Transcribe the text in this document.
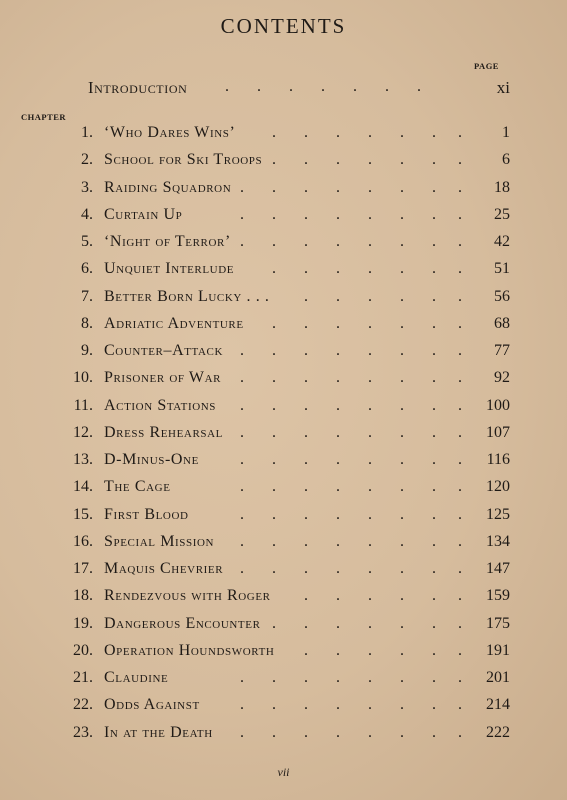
CONTENTS
PAGE
Introduction .       .       .       .       .       .       .	xi
CHAPTER
1. ‘Who Dares Wins’	1
. . . . . . .
2. School for Ski Troops	6
. . . . . . .
3. Raiding Squadron	18
. . . . . . . .
4. Curtain Up	25
. . . . . . . .
5. ‘Night of Terror’	42
. . . . . . . .
6. Unquiet Interlude	51
. . . . . . .
7. Better Born Lucky . . .	56
. . . . . .
8. Adriatic Adventure	68
. . . . . . .
9. Counter–Attack	77
. . . . . . . .
10. Prisoner of War	92
. . . . . . . .
11. Action Stations	100
. . . . . . . .
12. Dress Rehearsal	107
. . . . . . . .
13. D-Minus-One	116
. . . . . . . .
14. The Cage	120
. . . . . . . .
15. First Blood	125
. . . . . . . .
16. Special Mission	134
. . . . . . . .
17. Maquis Chevrier	147
. . . . . . . .
18. Rendezvous with Roger	159
. . . . . .
19. Dangerous Encounter	175
. . . . . . .
20. Operation Houndsworth	191
. . . . . .
21. Claudine	201
. . . . . . . .
22. Odds Against	214
. . . . . . . .
23. In at the Death	222
. . . . . . . .
vii
